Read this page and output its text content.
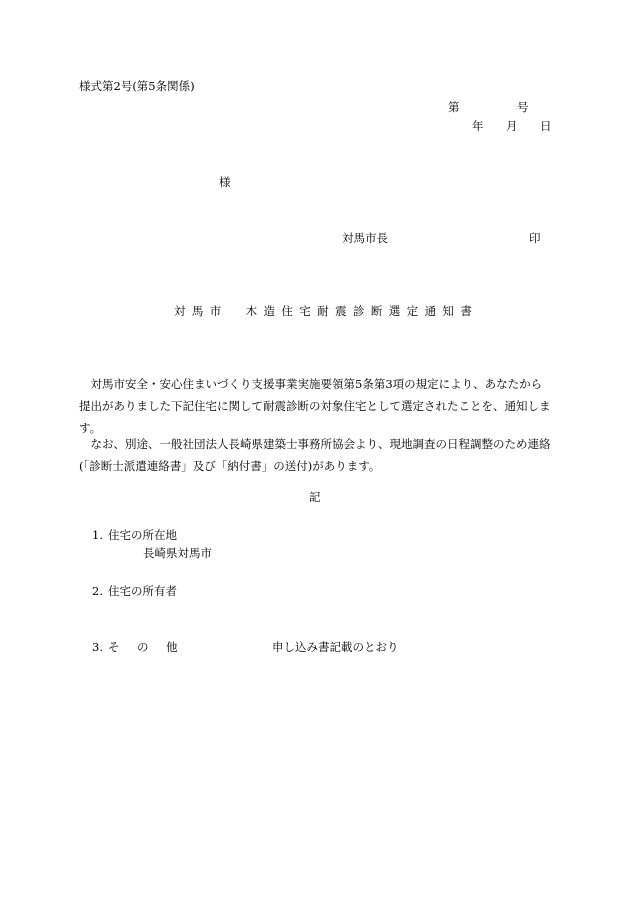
様式第2号(第5条関係)
第	号
年 月 日
様
対馬市長	印
対馬市　木造住宅耐震診断選定通知書
対馬市安全・安心住まいづくり支援事業実施要領第5条第3項の規定により、あなたから提出がありました下記住宅に関して耐震診断の対象住宅として選定されたことを、通知します。
なお、別途、一般社団法人長崎県建築士事務所協会より、現地調査の日程調整のため連絡(「診断士派遣連絡書」及び「納付書」の送付)があります。
記
1. 住宅の所在地
長崎県対馬市
2. 住宅の所有者
3. そ　の　他	申し込み書記載のとおり
